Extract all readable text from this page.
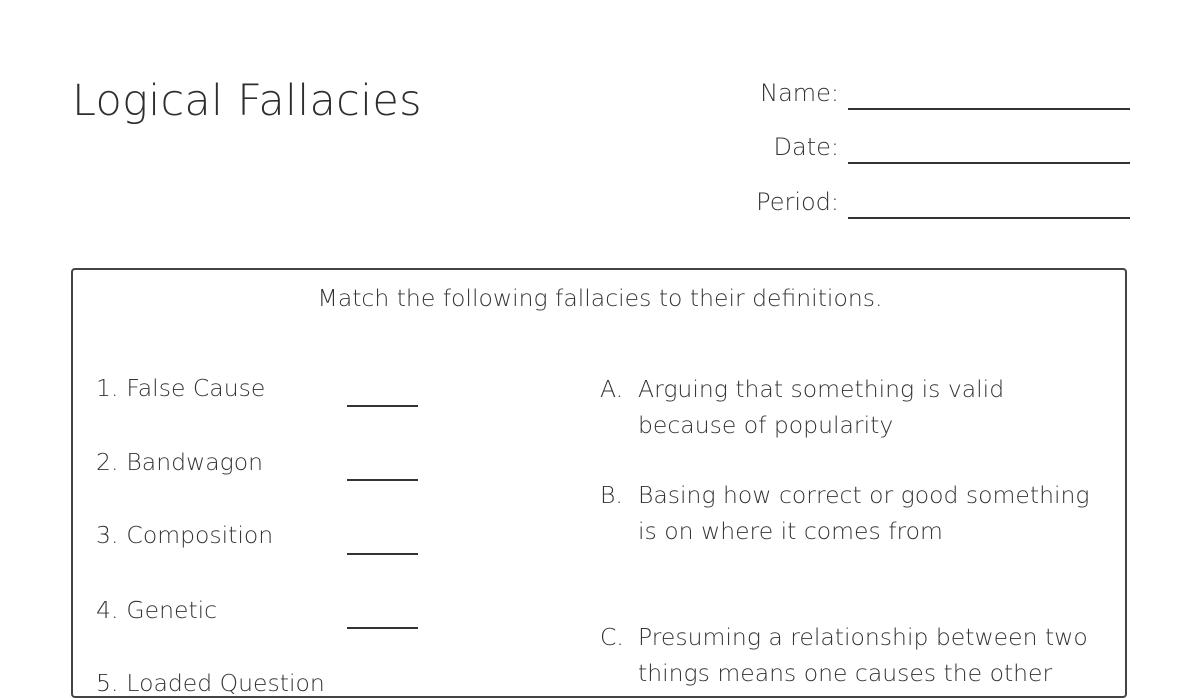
Logical Fallacies	Name:
Date:
Period:
Match the following fallacies to their definitions.
1. False Cause
2. Bandwagon
3. Composition
4. Genetic
5. Loaded Question
A. Arguing that something is valid because of popularity
B. Basing how correct or good something is on where it comes from
C. Presuming a relationship between two things means one causes the other
